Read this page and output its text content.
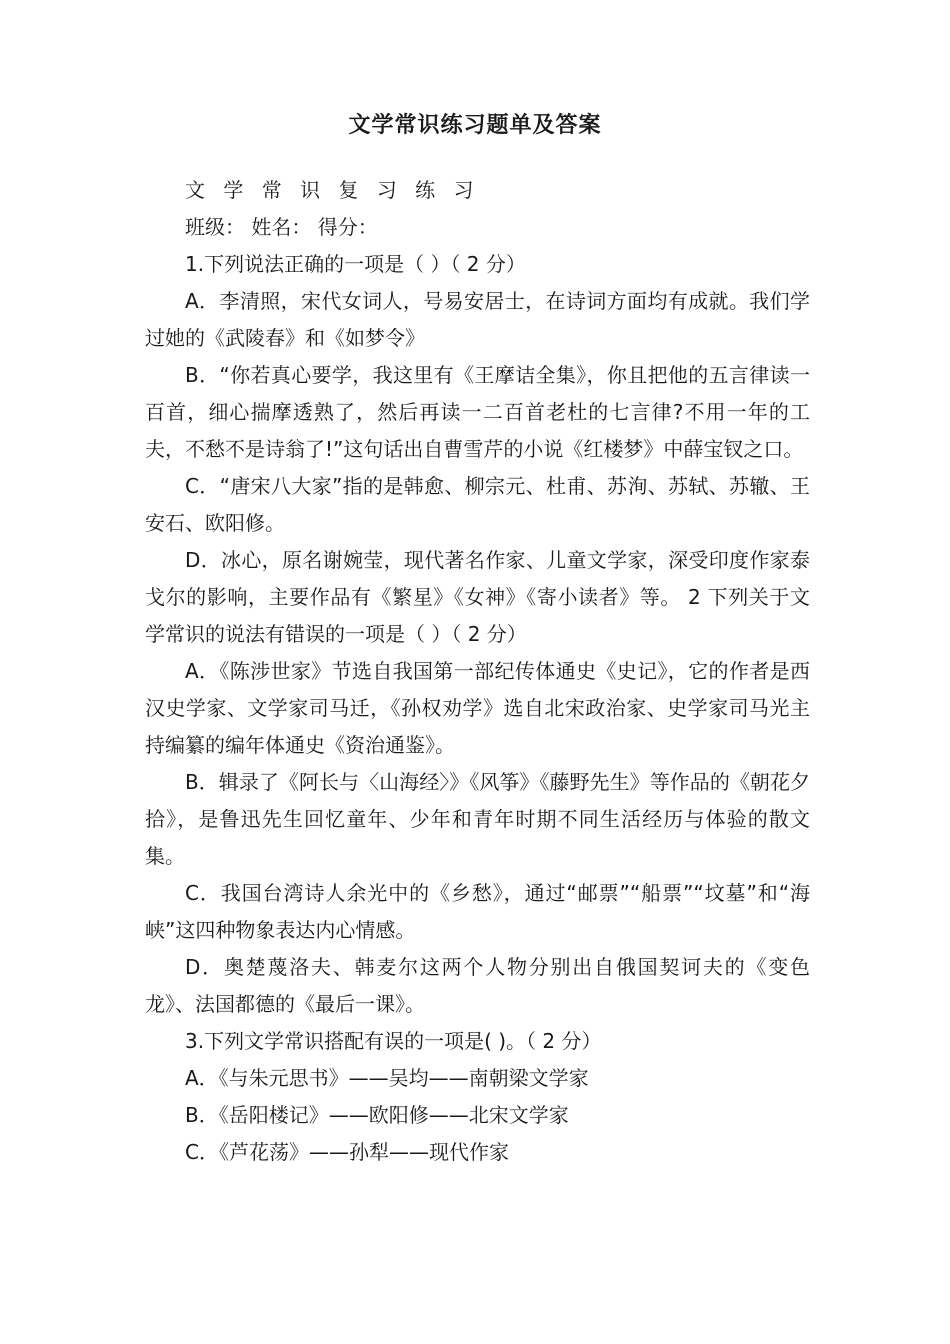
文学常识练习题单及答案

文 学 常 识 复 习 练 习

班级： 姓名： 得分：

1.下列说法正确的一项是（ ）（ 2 分）

A．李清照，宋代女词人，号易安居士，在诗词方面均有成就。我们学过她的《武陵春》和《如梦令》

B．“你若真心要学，我这里有《王摩诘全集》，你且把他的五言律读一百首，细心揣摩透熟了，然后再读一二百首老杜的七言律?不用一年的工夫，不愁不是诗翁了!”这句话出自曹雪芹的小说《红楼梦》中薛宝钗之口。

C．“唐宋八大家”指的是韩愈、柳宗元、杜甫、苏洵、苏轼、苏辙、王安石、欧阳修。

D．冰心，原名谢婉莹，现代著名作家、儿童文学家，深受印度作家泰戈尔的影响，主要作品有《繁星》《女神》《寄小读者》等。 2 下列关于文学常识的说法有错误的一项是（ ）（ 2 分）

A．《陈涉世家》节选自我国第一部纪传体通史《史记》，它的作者是西汉史学家、文学家司马迁，《孙权劝学》选自北宋政治家、史学家司马光主持编纂的编年体通史《资治通鉴》。

B．辑录了《阿长与〈山海经〉》《风筝》《藤野先生》等作品的《朝花夕拾》，是鲁迅先生回忆童年、少年和青年时期不同生活经历与体验的散文集。

C．我国台湾诗人余光中的《乡愁》，通过“邮票”“船票”“坟墓”和“海峡”这四种物象表达内心情感。

D．奥楚蔑洛夫、韩麦尔这两个人物分别出自俄国契诃夫的《变色龙》、法国都德的《最后一课》。

3.下列文学常识搭配有误的一项是( )。（ 2 分）

A．《与朱元思书》——吴均——南朝梁文学家

B．《岳阳楼记》——欧阳修——北宋文学家

C．《芦花荡》——孙犁——现代作家
